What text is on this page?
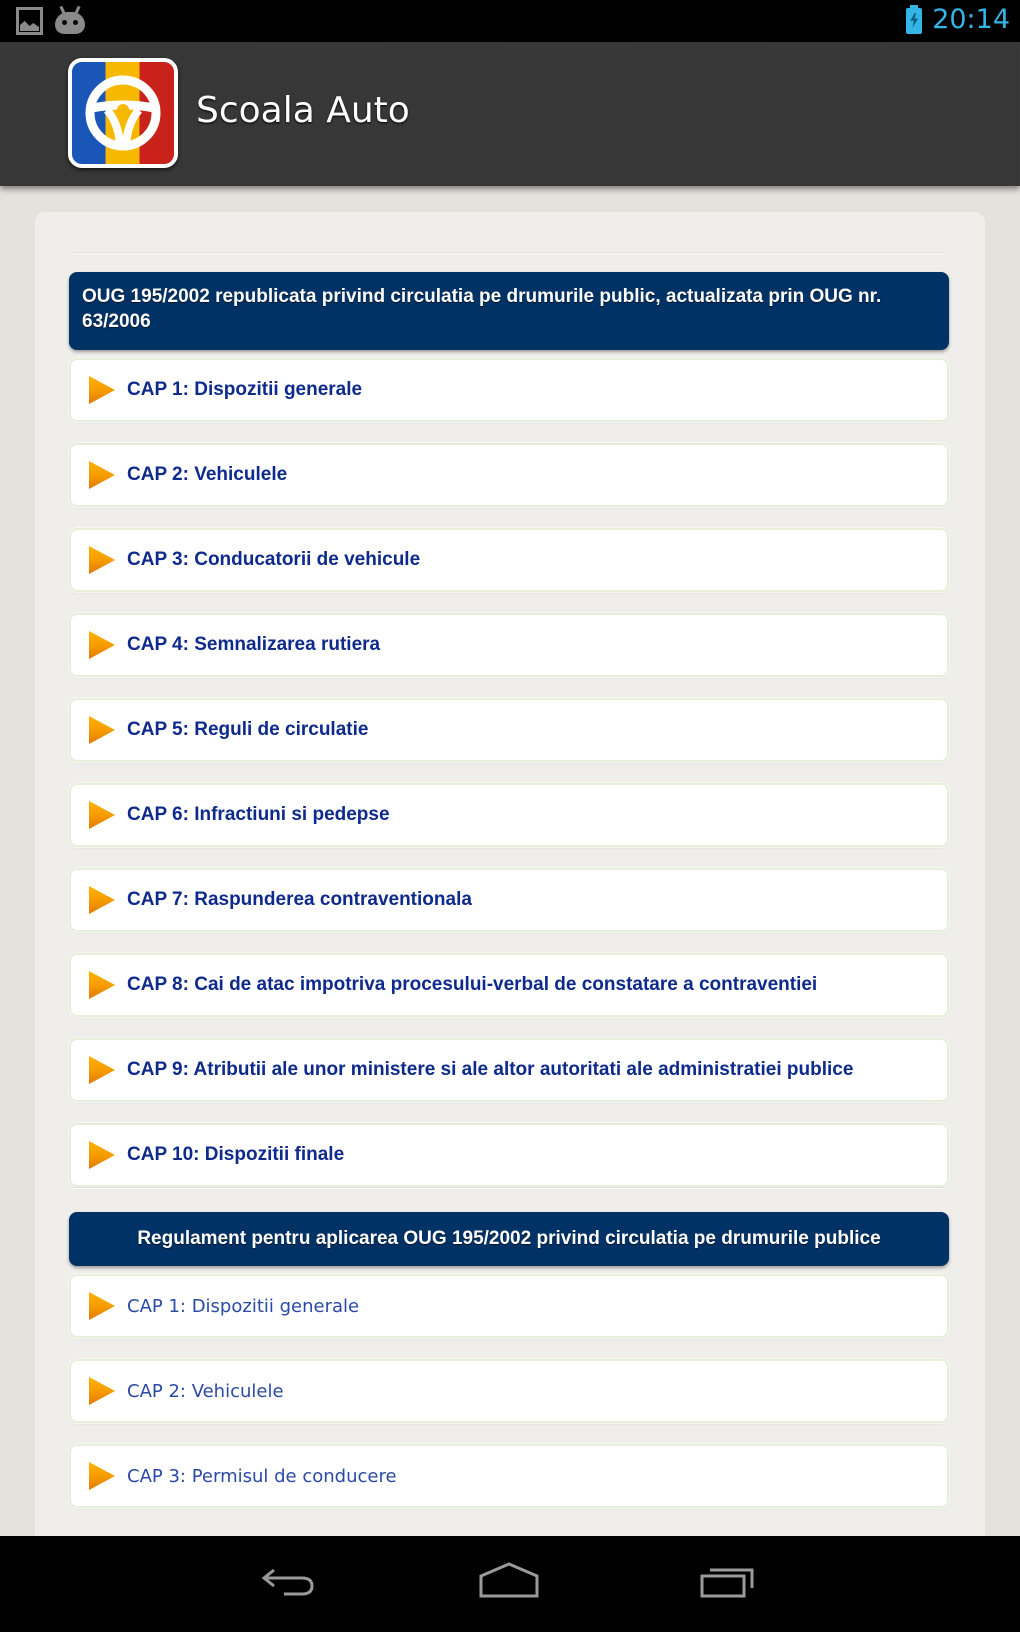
20:14
Scoala Auto
OUG 195/2002 republicata privind circulatia pe drumurile public, actualizata prin OUG nr. 63/2006
CAP 1: Dispozitii generale
CAP 2: Vehiculele
CAP 3: Conducatorii de vehicule
CAP 4: Semnalizarea rutiera
CAP 5: Reguli de circulatie
CAP 6: Infractiuni si pedepse
CAP 7: Raspunderea contraventionala
CAP 8: Cai de atac impotriva procesului-verbal de constatare a contraventiei
CAP 9: Atributii ale unor ministere si ale altor autoritati ale administratiei publice
CAP 10: Dispozitii finale
Regulament pentru aplicarea OUG 195/2002 privind circulatia pe drumurile publice
CAP 1: Dispozitii generale
CAP 2: Vehiculele
CAP 3: Permisul de conducere
